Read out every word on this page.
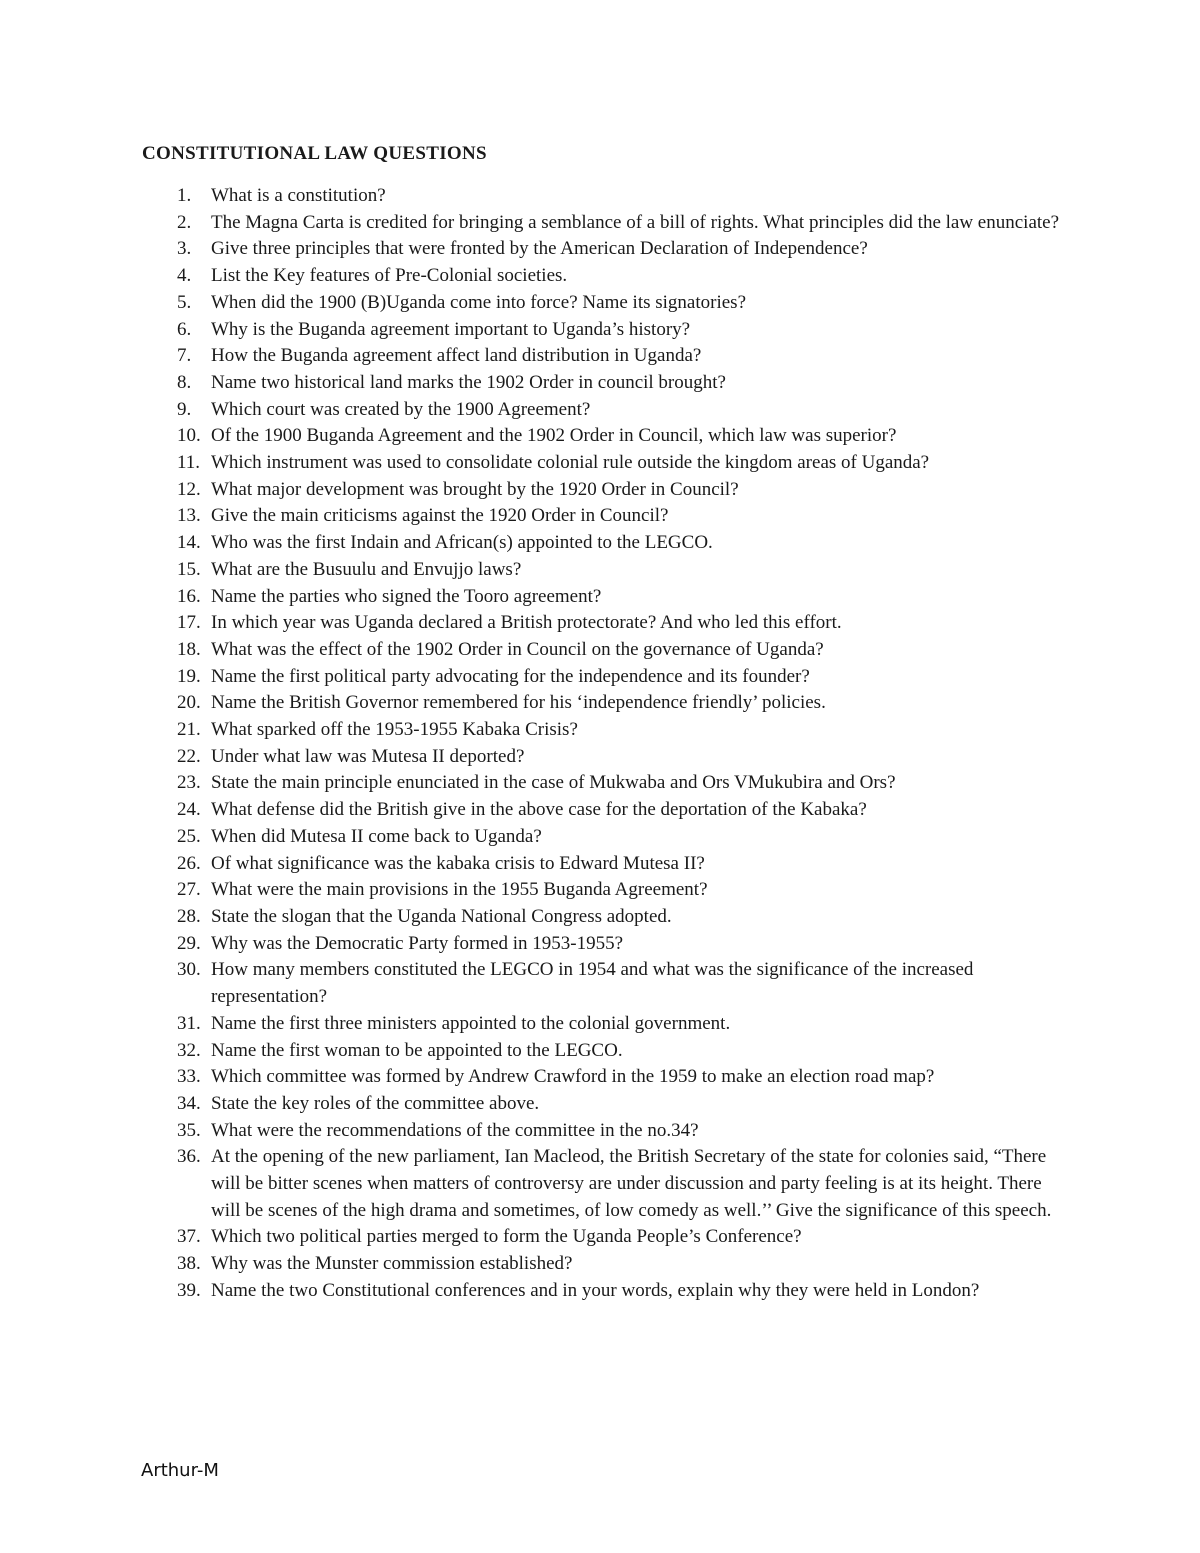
CONSTITUTIONAL LAW QUESTIONS
1.	What is a constitution?
2.	The Magna Carta is credited for bringing a semblance of a bill of rights. What principles did the law enunciate?
3.	Give three principles that were fronted by the American Declaration of Independence?
4.	List the Key features of Pre-Colonial societies.
5.	When did the 1900 (B)Uganda come into force? Name its signatories?
6.	Why is the Buganda agreement important to Uganda’s history?
7.	How the Buganda agreement affect land distribution in Uganda?
8.	Name two historical land marks the 1902 Order in council brought?
9.	Which court was created by the 1900 Agreement?
10. Of the 1900 Buganda Agreement and the 1902 Order in Council, which law was superior?
11. Which instrument was used to consolidate colonial rule outside the kingdom areas of Uganda?
12. What major development was brought by the 1920 Order in Council?
13. Give the main criticisms against the 1920 Order in Council?
14. Who was the first Indain and African(s) appointed to the LEGCO.
15. What are the Busuulu and Envujjo laws?
16. Name the parties who signed the Tooro agreement?
17. In which year was Uganda declared a British protectorate? And who led this effort.
18. What was the effect of the 1902 Order in Council on the governance of Uganda?
19. Name the first political party advocating for the independence and its founder?
20. Name the British Governor remembered for his ‘independence friendly’ policies.
21. What sparked off the 1953-1955 Kabaka Crisis?
22. Under what law was Mutesa II deported?
23. State the main principle enunciated in the case of Mukwaba and Ors VMukubira and Ors?
24. What defense did the British give in the above case for the deportation of the Kabaka?
25. When did Mutesa II come back to Uganda?
26. Of what significance was the kabaka crisis to Edward Mutesa II?
27. What were the main provisions in the 1955 Buganda Agreement?
28. State the slogan that the Uganda National Congress adopted.
29. Why was the Democratic Party formed in 1953-1955?
30. How many members constituted the LEGCO in 1954 and what was the significance of the increased representation?
31. Name the first three ministers appointed to the colonial government.
32. Name the first woman to be appointed to the LEGCO.
33. Which committee was formed by Andrew Crawford in the 1959 to make an election road map?
34. State the key roles of the committee above.
35. What were the recommendations of the committee in the no.34?
36. At the opening of the new parliament, Ian Macleod, the British Secretary of the state for colonies said, “There will be bitter scenes when matters of controversy are under discussion and party feeling is at its height. There will be scenes of the high drama and sometimes, of low comedy as well.’’ Give the significance of this speech.
37. Which two political parties merged to form the Uganda People’s Conference?
38. Why was the Munster commission established?
39. Name the two Constitutional conferences and in your words, explain why they were held in London?
Arthur-M
